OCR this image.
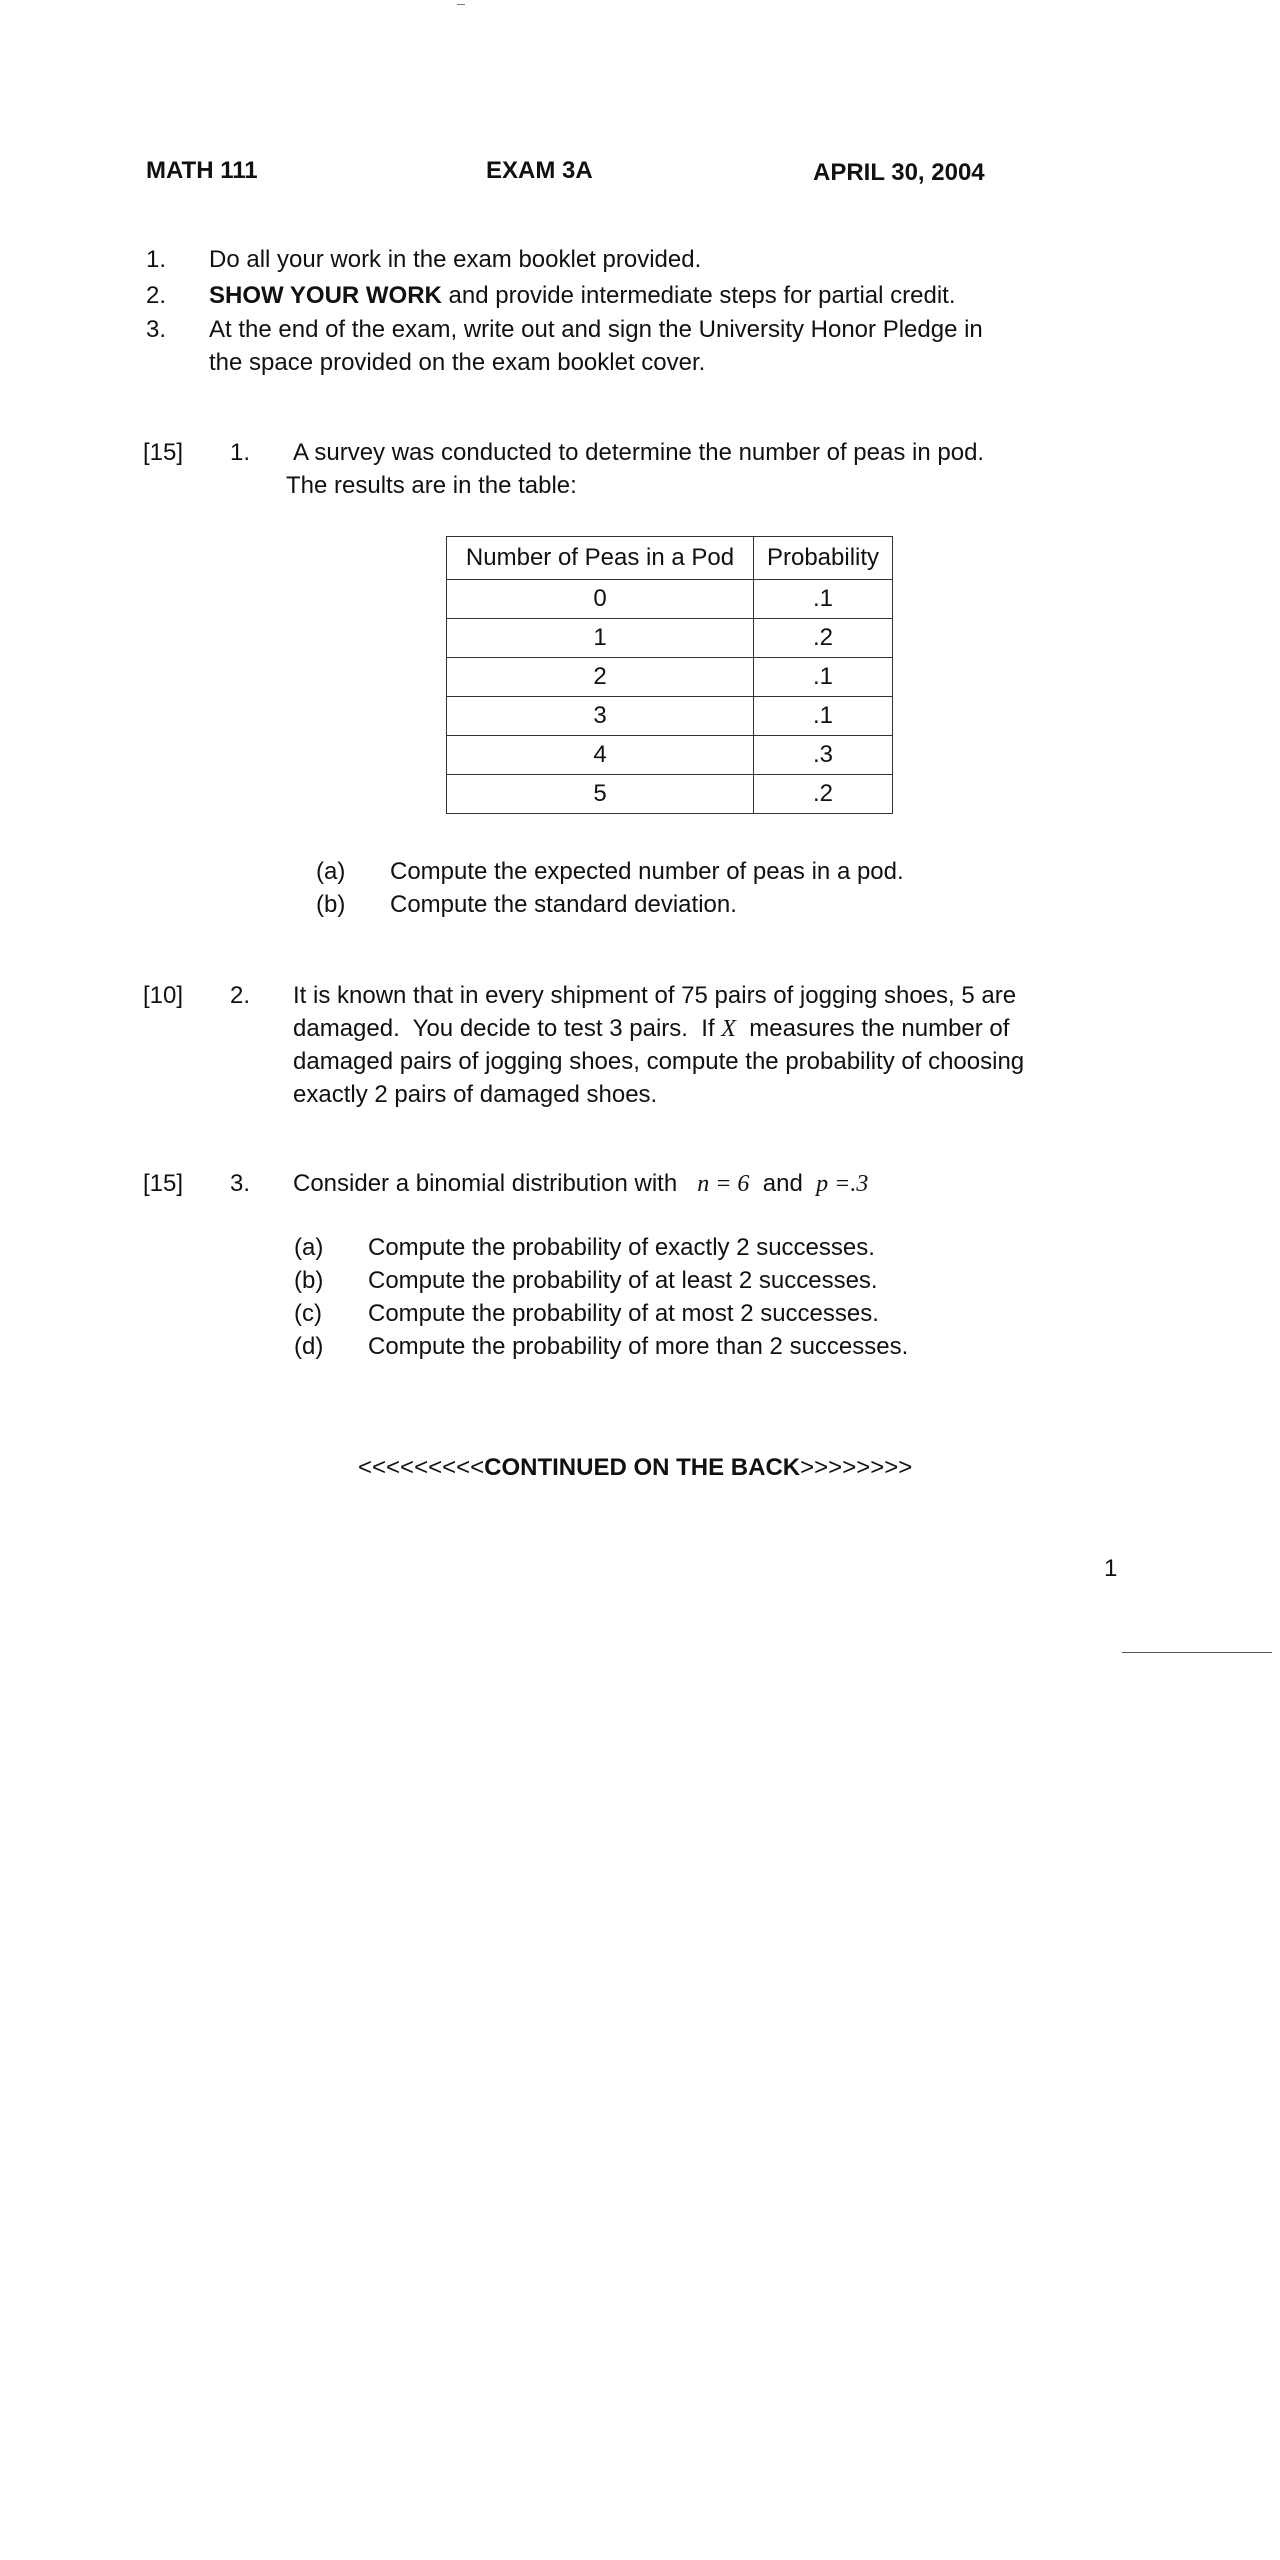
MATH 111	EXAM 3A	APRIL 30, 2004
1. Do all your work in the exam booklet provided.
2. SHOW YOUR WORK and provide intermediate steps for partial credit.
3. At the end of the exam, write out and sign the University Honor Pledge in
the space provided on the exam booklet cover.
[15] 1. A survey was conducted to determine the number of peas in pod.
The results are in the table:
Number of Peas in a Pod	Probability
0	.1
1	.2
2	.1
3	.1
4	.3
5	.2
(a) Compute the expected number of peas in a pod.
(b) Compute the standard deviation.
[10] 2. It is known that in every shipment of 75 pairs of jogging shoes, 5 are
damaged.  You decide to test 3 pairs.  If X  measures the number of
damaged pairs of jogging shoes, compute the probability of choosing
exactly 2 pairs of damaged shoes.
[15] 3. Consider a binomial distribution with n = 6 and p =.3
(a) Compute the probability of exactly 2 successes.
(b) Compute the probability of at least 2 successes.
(c) Compute the probability of at most 2 successes.
(d) Compute the probability of more than 2 successes.
<<<<<<<<<CONTINUED ON THE BACK>>>>>>>>
1
